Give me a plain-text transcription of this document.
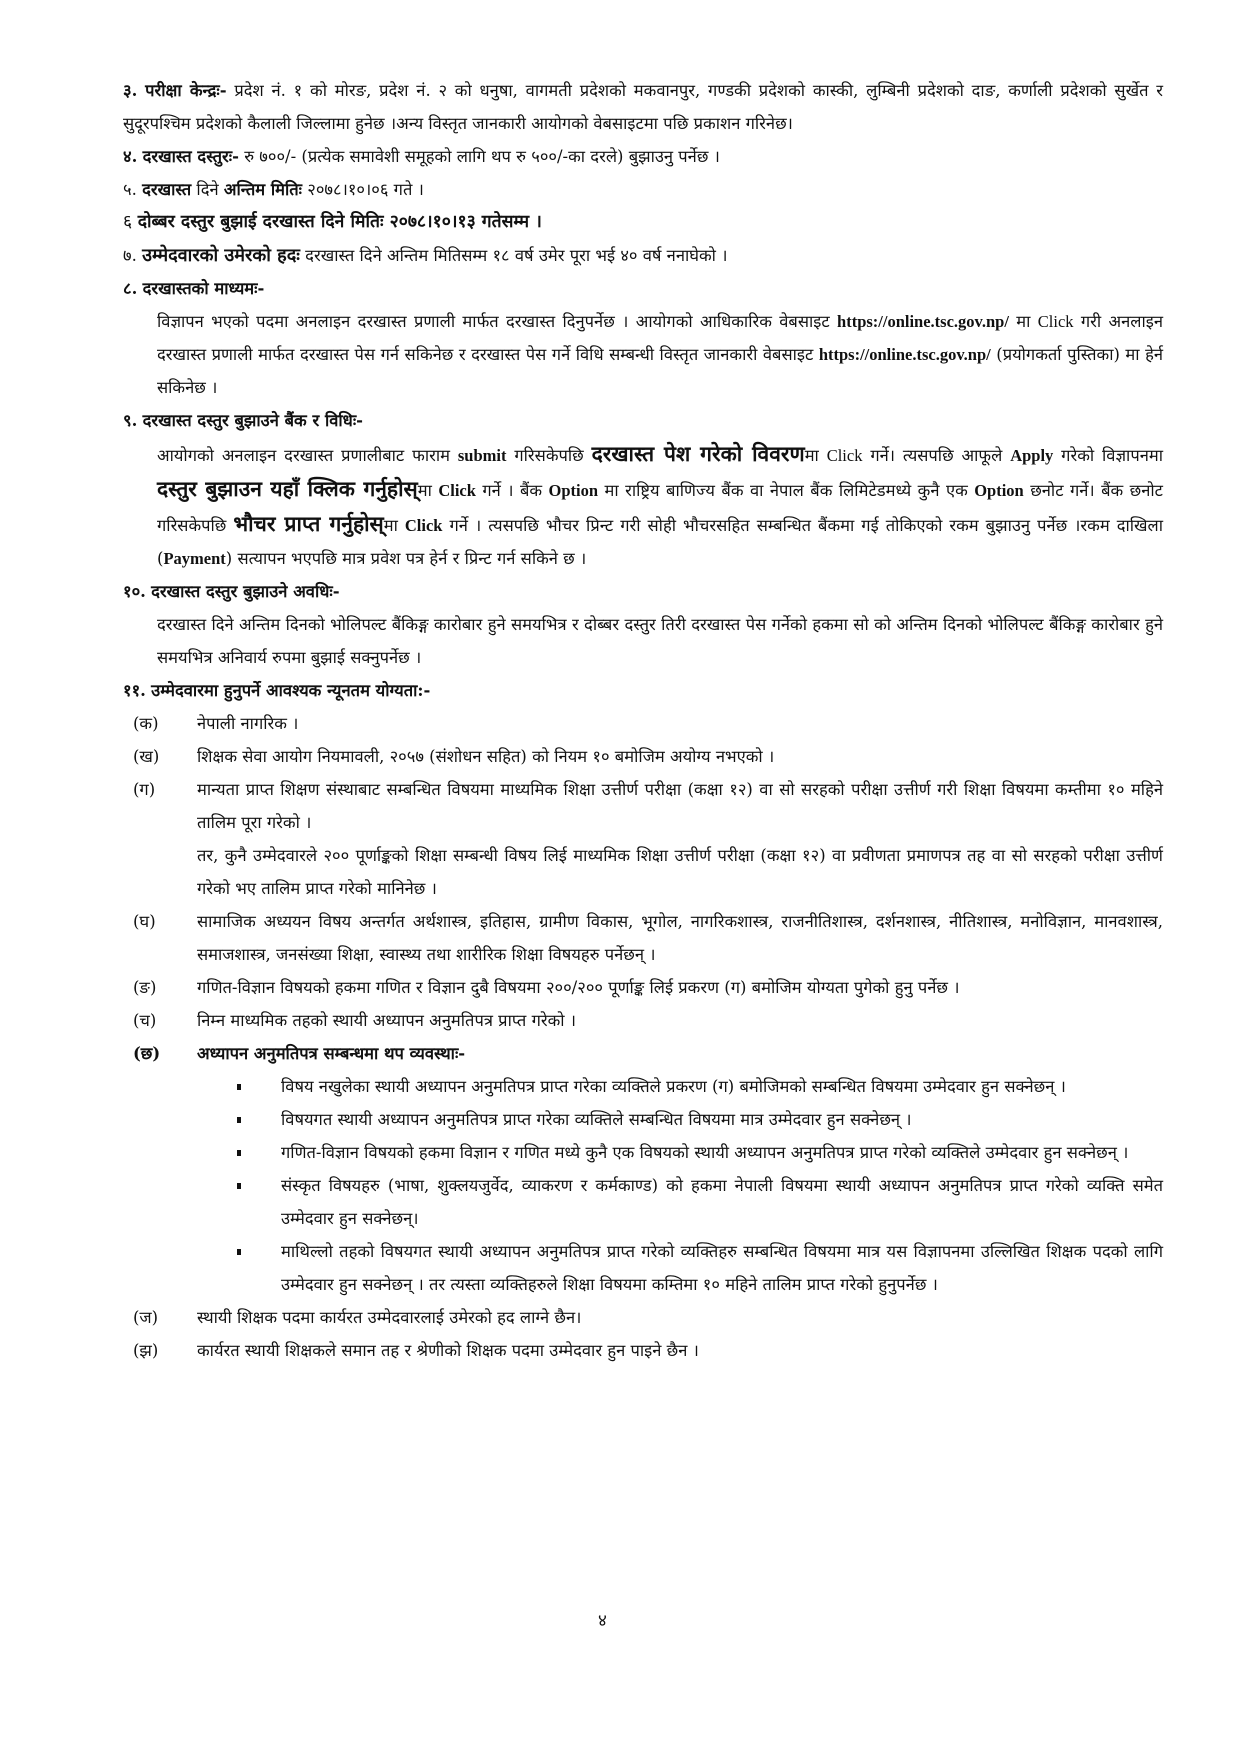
३. परीक्षा केन्द्रः- प्रदेश नं. १ को मोरङ, प्रदेश नं. २ को धनुषा, वागमती प्रदेशको मकवानपुर, गण्डकी प्रदेशको कास्की, लुम्बिनी प्रदेशको दाङ, कर्णाली प्रदेशको सुर्खेत र सुदूरपश्चिम प्रदेशको कैलाली जिल्लामा हुनेछ ।अन्य विस्तृत जानकारी आयोगको वेबसाइटमा पछि प्रकाशन गरिनेछ।
४. दरखास्त दस्तुरः- रु ७००/- (प्रत्येक समावेशी समूहको लागि थप रु ५००/-का दरले) बुझाउनु पर्नेछ ।
५. दरखास्त दिने अन्तिम मितिः २०७८।१०।०६ गते ।
६ दोब्बर दस्तुर बुझाई दरखास्त दिने मितिः २०७८।१०।१३ गतेसम्म ।
७. उम्मेदवारको उमेरको हदः दरखास्त दिने अन्तिम मितिसम्म १८ वर्ष उमेर पूरा भई ४० वर्ष ननाघेको ।
८. दरखास्तको माध्यमः-
विज्ञापन भएको पदमा अनलाइन दरखास्त प्रणाली मार्फत दरखास्त दिनुपर्नेछ । आयोगको आधिकारिक वेबसाइट https://online.tsc.gov.np/ मा Click गरी अनलाइन दरखास्त प्रणाली मार्फत दरखास्त पेस गर्न सकिनेछ र दरखास्त पेस गर्ने विधि सम्बन्धी विस्तृत जानकारी वेबसाइट https://online.tsc.gov.np/ (प्रयोगकर्ता पुस्तिका) मा हेर्न सकिनेछ ।
९. दरखास्त दस्तुर बुझाउने बैंक र विधिः-
आयोगको अनलाइन दरखास्त प्रणालीबाट फाराम submit गरिसकेपछि दरखास्त पेश गरेको विवरणमा Click गर्ने। त्यसपछि आफूले Apply गरेको विज्ञापनमा दस्तुर बुझाउन यहाँ क्लिक गर्नुहोस्मा Click गर्ने । बैंक Option मा राष्ट्रिय बाणिज्य बैंक वा नेपाल बैंक लिमिटेडमध्ये कुनै एक Option छनोट गर्ने। बैंक छनोट गरिसकेपछि भौचर प्राप्त गर्नुहोस्मा Click गर्ने । त्यसपछि भौचर प्रिन्ट गरी सोही भौचरसहित सम्बन्धित बैंकमा गई तोकिएको रकम बुझाउनु पर्नेछ ।रकम दाखिला (Payment) सत्यापन भएपछि मात्र प्रवेश पत्र हेर्न र प्रिन्ट गर्न सकिने छ ।
१०. दरखास्त दस्तुर बुझाउने अवधिः-
दरखास्त दिने अन्तिम दिनको भोलिपल्ट बैंकिङ्ग कारोबार हुने समयभित्र र दोब्बर दस्तुर तिरी दरखास्त पेस गर्नेको हकमा सो को अन्तिम दिनको भोलिपल्ट बैंकिङ्ग कारोबार हुने समयभित्र अनिवार्य रुपमा बुझाई सक्नुपर्नेछ ।
११. उम्मेदवारमा हुनुपर्ने आवश्यक न्यूनतम योग्यता:-
(क)	नेपाली नागरिक ।
(ख)	शिक्षक सेवा आयोग नियमावली, २०५७ (संशोधन सहित) को नियम १० बमोजिम अयोग्य नभएको ।
(ग)	मान्यता प्राप्त शिक्षण संस्थाबाट सम्बन्धित विषयमा माध्यमिक शिक्षा उत्तीर्ण परीक्षा (कक्षा १२) वा सो सरहको परीक्षा उत्तीर्ण गरी शिक्षा विषयमा कम्तीमा १० महिने तालिम पूरा गरेको ।
तर, कुनै उम्मेदवारले २०० पूर्णाङ्कको शिक्षा सम्बन्धी विषय लिई माध्यमिक शिक्षा उत्तीर्ण परीक्षा (कक्षा १२) वा प्रवीणता प्रमाणपत्र तह वा सो सरहको परीक्षा उत्तीर्ण गरेको भए तालिम प्राप्त गरेको मानिनेछ ।
(घ)	सामाजिक अध्ययन विषय अन्तर्गत अर्थशास्त्र, इतिहास, ग्रामीण विकास, भूगोल, नागरिकशास्त्र, राजनीतिशास्त्र, दर्शनशास्त्र, नीतिशास्त्र, मनोविज्ञान, मानवशास्त्र, समाजशास्त्र, जनसंख्या शिक्षा, स्वास्थ्य तथा शारीरिक शिक्षा विषयहरु पर्नेछन् ।
(ङ)	गणित-विज्ञान विषयको हकमा गणित र विज्ञान दुबै विषयमा २००/२०० पूर्णाङ्क लिई प्रकरण (ग) बमोजिम योग्यता पुगेको हुनु पर्नेछ ।
(च)	निम्न माध्यमिक तहको स्थायी अध्यापन अनुमतिपत्र प्राप्त गरेको ।
(छ)	अध्यापन अनुमतिपत्र सम्बन्धमा थप व्यवस्थाः-
विषय नखुलेका स्थायी अध्यापन अनुमतिपत्र प्राप्त गरेका व्यक्तिले प्रकरण (ग) बमोजिमको सम्बन्धित विषयमा उम्मेदवार हुन सक्नेछन् ।
विषयगत स्थायी अध्यापन अनुमतिपत्र प्राप्त गरेका व्यक्तिले सम्बन्धित विषयमा मात्र उम्मेदवार हुन सक्नेछन् ।
गणित-विज्ञान विषयको हकमा विज्ञान र गणित मध्ये कुनै एक विषयको स्थायी अध्यापन अनुमतिपत्र प्राप्त गरेको व्यक्तिले उम्मेदवार हुन सक्नेछन् ।
संस्कृत विषयहरु (भाषा, शुक्लयजुर्वेद, व्याकरण र कर्मकाण्ड) को हकमा नेपाली विषयमा स्थायी अध्यापन अनुमतिपत्र प्राप्त गरेको व्यक्ति समेत उम्मेदवार हुन सक्नेछन्।
माथिल्लो तहको विषयगत स्थायी अध्यापन अनुमतिपत्र प्राप्त गरेको व्यक्तिहरु सम्बन्धित विषयमा मात्र यस विज्ञापनमा उल्लिखित शिक्षक पदको लागि उम्मेदवार हुन सक्नेछन् । तर त्यस्ता व्यक्तिहरुले शिक्षा विषयमा कम्तिमा १० महिने तालिम प्राप्त गरेको हुनुपर्नेछ ।
(ज)	स्थायी शिक्षक पदमा कार्यरत उम्मेदवारलाई उमेरको हद लाग्ने छैन।
(झ)	कार्यरत स्थायी शिक्षकले समान तह र श्रेणीको शिक्षक पदमा उम्मेदवार हुन पाइने छैन ।
४
